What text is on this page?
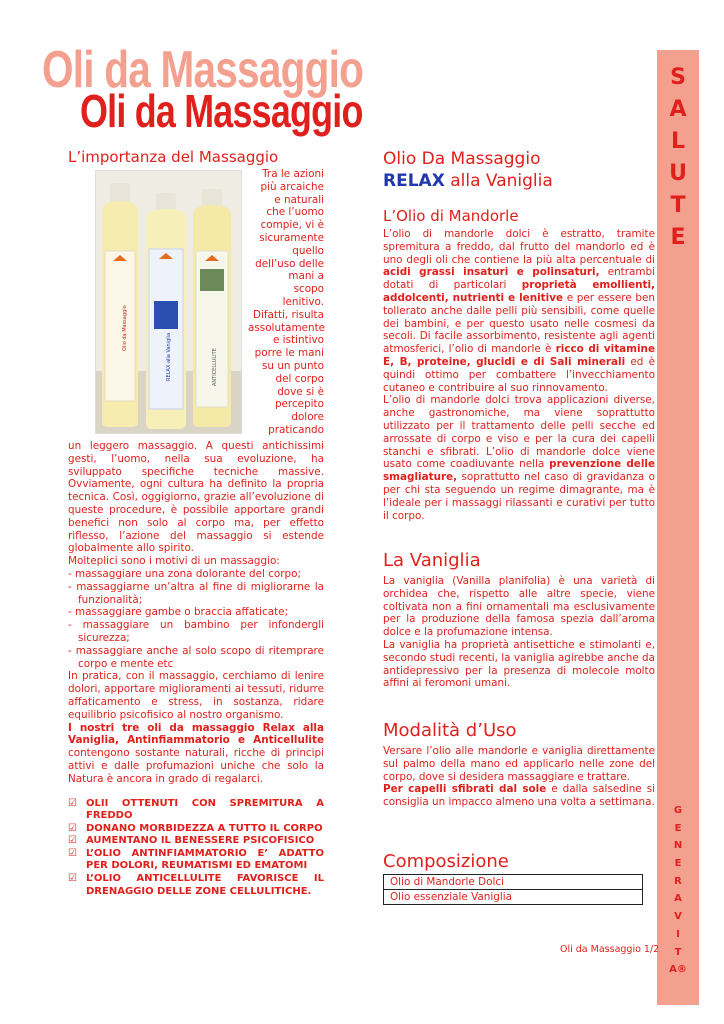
Oli da Massaggio
Oli da Massaggio
S
A
L
U
T
E
G
E
N
E
R
A
V
I
T
A®
L’importanza del Massaggio
Olio da Massaggio
RELAX alla Vaniglia	ANTICELLULITE
Tra le azioni
più arcaiche
e naturali
che l’uomo
compie, vi è
sicuramente
quello
dell’uso delle
mani a
scopo
lenitivo.
Difatti, risulta
assolutamente
e istintivo
porre le mani
su un punto
del corpo
dove si è
percepito
dolore
praticando
un leggero massaggio. A questi antichissimi gesti, l’uomo, nella sua evoluzione, ha sviluppato specifiche tecniche massive. Ovviamente, ogni cultura ha definito la propria tecnica. Così, oggigiorno, grazie all’evoluzione di queste procedure, è possibile apportare grandi benefici non solo al corpo ma, per effetto riflesso, l’azione del massaggio si estende globalmente allo spirito.
Molteplici sono i motivi di un massaggio:
- massaggiare una zona dolorante del corpo;
- massaggiarne un’altra al fine di migliorarne la funzionalità;
- massaggiare gambe o braccia affaticate;
- massaggiare un bambino per infondergli sicurezza;
- massaggiare anche al solo scopo di ritemprare corpo e mente etc
In pratica, con il massaggio, cerchiamo di lenire dolori, apportare miglioramenti ai tessuti, ridurre affaticamento e stress, in sostanza, ridare equilibrio psicofisico al nostro organismo.
I nostri tre oli da massaggio Relax alla Vaniglia, Antinfiammatorio e Anticellulite contengono sostante naturali, ricche di principi attivi e dalle profumazioni uniche che solo la Natura è ancora in grado di regalarci.
☑ OLII OTTENUTI CON SPREMITURA A FREDDO
☑ DONANO MORBIDEZZA A TUTTO IL CORPO
☑ AUMENTANO IL BENESSERE PSICOFISICO
☑ L’OLIO ANTINFIAMMATORIO E’ ADATTO PER DOLORI, REUMATISMI ED EMATOMI
☑ L’OLIO ANTICELLULITE FAVORISCE IL DRENAGGIO DELLE ZONE CELLULITICHE.
Olio Da Massaggio
RELAX alla Vaniglia
L’Olio di Mandorle
L’olio di mandorle dolci è estratto, tramite spremitura a freddo, dal frutto del mandorlo ed è uno degli oli che contiene la più alta percentuale di acidi grassi insaturi e polinsaturi, entrambi dotati di particolari proprietà emollienti, addolcenti, nutrienti e lenitive e per essere ben tollerato anche dalle pelli più sensibili, come quelle dei bambini, e per questo usato nelle cosmesi da secoli. Di facile assorbimento, resistente agli agenti atmosferici, l’olio di mandorle è ricco di vitamine E, B, proteine, glucidi e di Sali minerali ed è quindi ottimo per combattere l’invecchiamento cutaneo e contribuire al suo rinnovamento.
L’olio di mandorle dolci trova applicazioni diverse, anche gastronomiche, ma viene soprattutto utilizzato per il trattamento delle pelli secche ed arrossate di corpo e viso e per la cura dei capelli stanchi e sfibrati. L’olio di mandorle dolce viene usato come coadiuvante nella prevenzione delle smagliature, soprattutto nel caso di gravidanza o per chi sta seguendo un regime dimagrante, ma è l’ideale per i massaggi rilassanti e curativi per tutto il corpo.
La Vaniglia
La vaniglia (Vanilla planifolia) è una varietà di orchidea che, rispetto alle altre specie, viene coltivata non a fini ornamentali ma esclusivamente per la produzione della famosa spezia dall’aroma dolce e la profumazione intensa.
La vaniglia ha proprietà antisettiche e stimolanti e, secondo studi recenti, la vaniglia agirebbe anche da antidepressivo per la presenza di molecole molto affini ai feromoni umani.
Modalità d’Uso
Versare l’olio alle mandorle e vaniglia direttamente sul palmo della mano ed applicarlo nelle zone del corpo, dove si desidera massaggiare e trattare.
Per capelli sfibrati dal sole e dalla salsedine si consiglia un impacco almeno una volta a settimana.
Composizione
Olio di Mandorle Dolci
Olio essenziale Vaniglia
Oli da Massaggio 1/2
